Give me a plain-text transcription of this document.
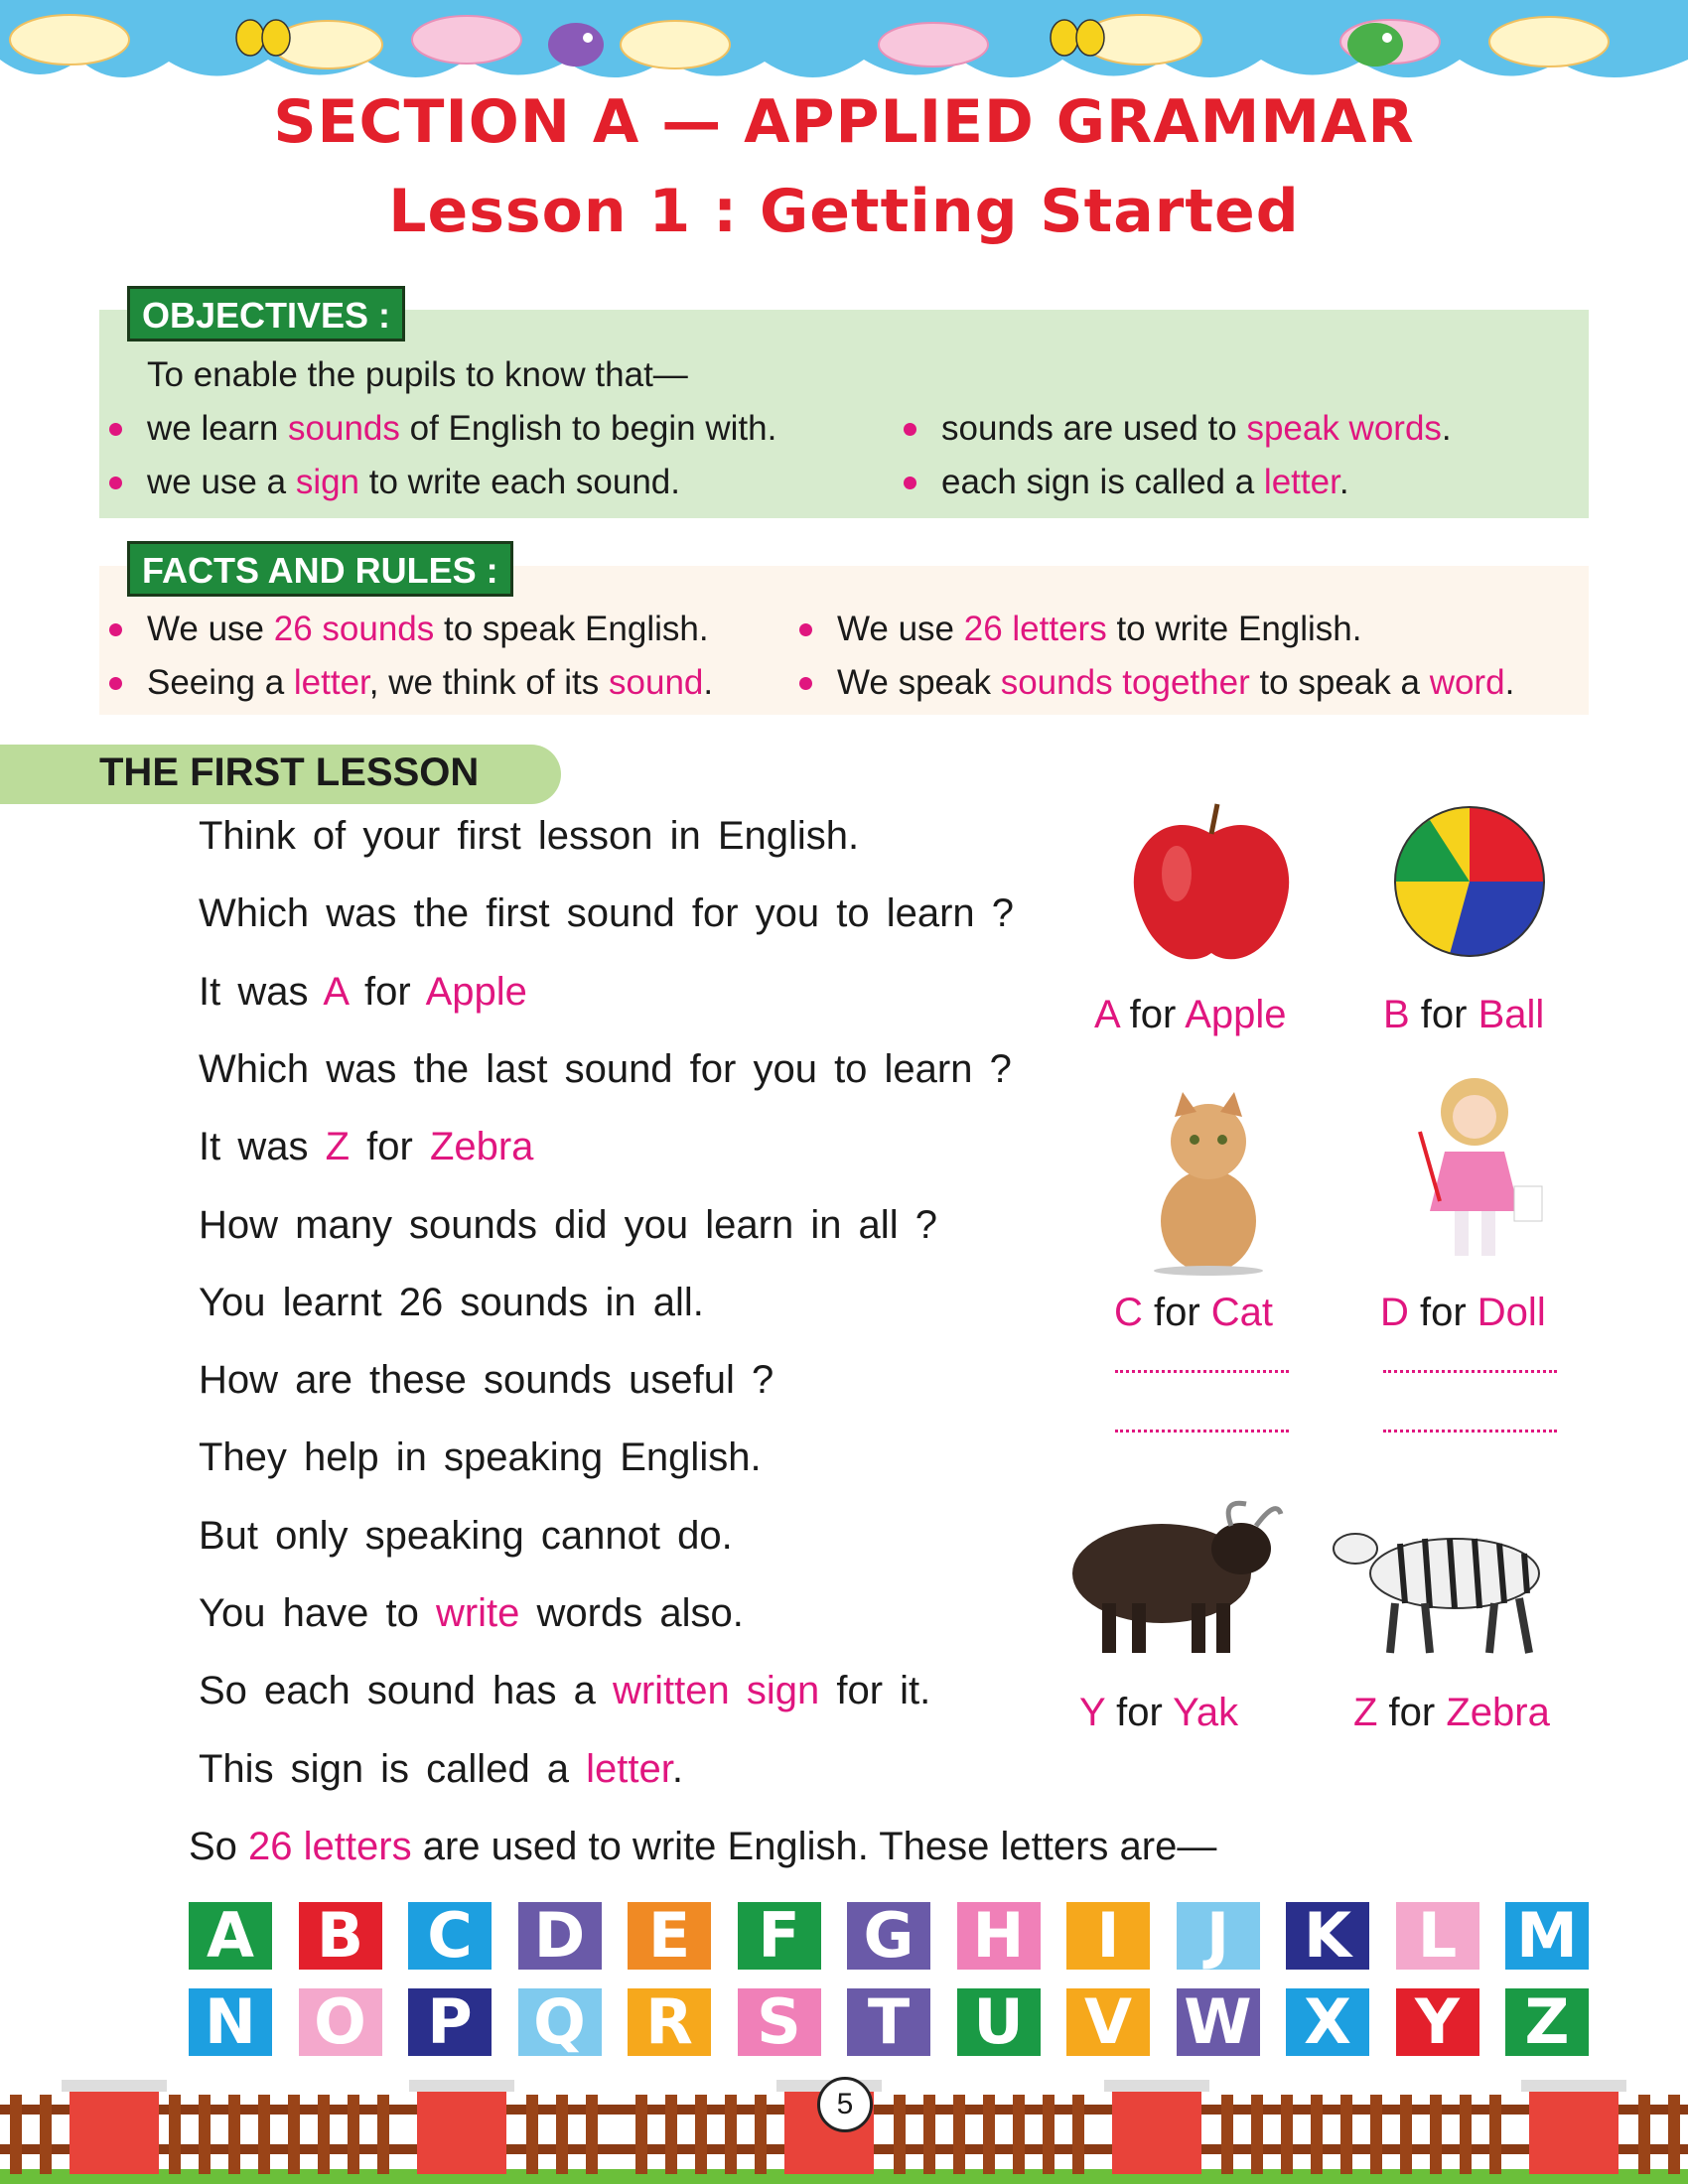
SECTION A — APPLIED GRAMMAR
Lesson 1 : Getting Started
OBJECTIVES :
To enable the pupils to know that—
we learn sounds of English to begin with.	sounds are used to speak words.
we use a sign to write each sound.	each sign is called a letter.
FACTS AND RULES :
We use 26 sounds to speak English.	We use 26 letters to write English.
Seeing a letter, we think of its sound.	We speak sounds together to speak a word.
THE FIRST LESSON
Think of your first lesson in English.
Which was the first sound for you to learn ?
It was A for Apple
Which was the last sound for you to learn ?
It was Z for Zebra
How many sounds did you learn in all ?
You learnt 26 sounds in all.
How are these sounds useful ?
They help in speaking English.
But only speaking cannot do.
You have to write words also.
So each sound has a written sign for it.
This sign is called a letter.
A for Apple B for Ball
C for Cat	D for Doll
Y for Yak	Z for Zebra
So 26 letters are used to write English. These letters are—
A B	C	D	E	F	G H	I	J	K	L M
N O P Q R	S	T	U V W X	Y	Z
5
